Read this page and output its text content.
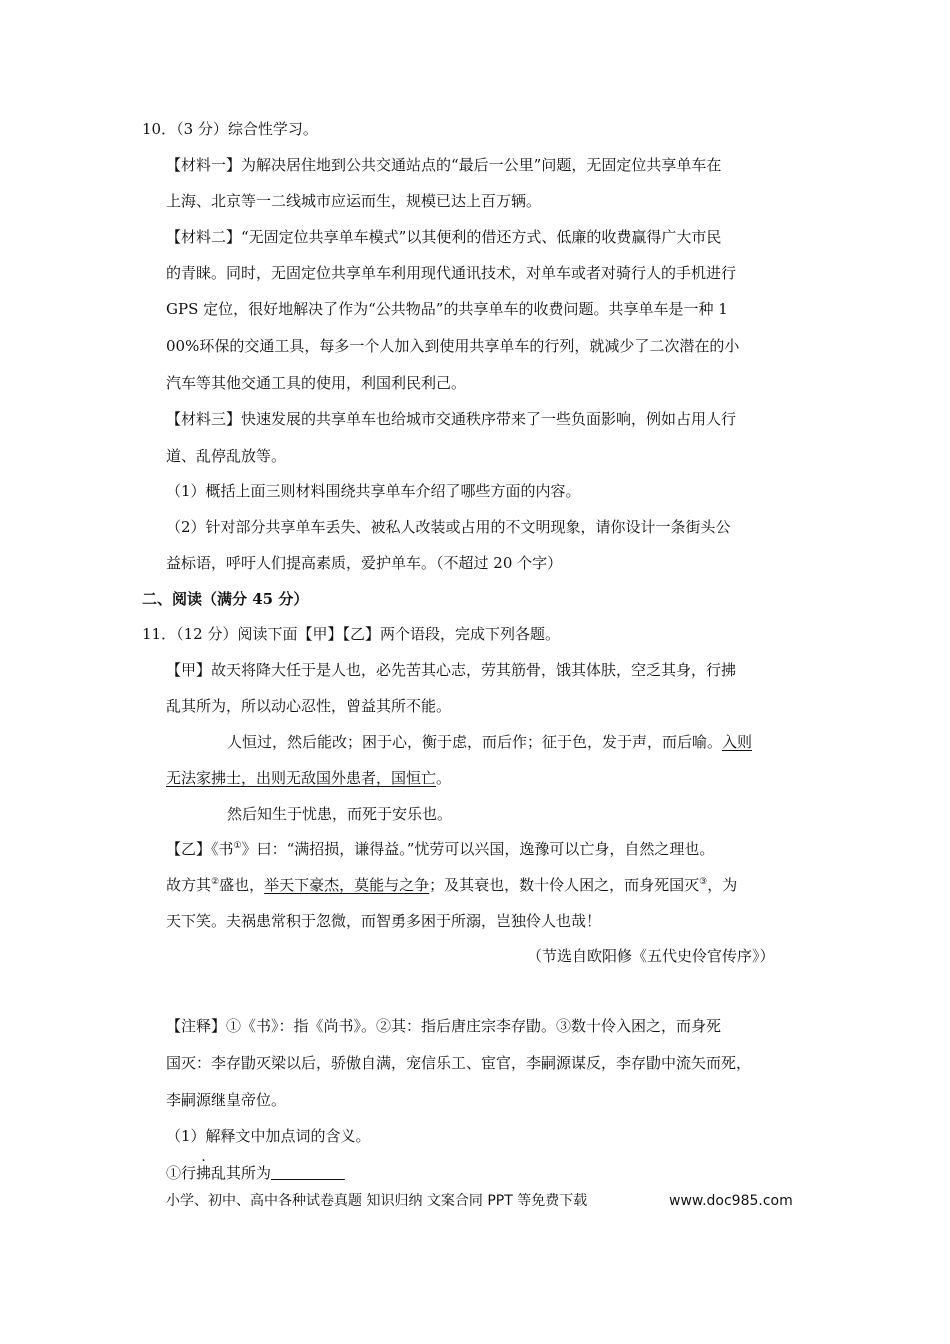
10．（3 分）综合性学习。
【材料一】为解决居住地到公共交通站点的“最后一公里”问题，无固定位共享单车在
上海、北京等一二线城市应运而生，规模已达上百万辆。
【材料二】“无固定位共享单车模式”以其便利的借还方式、低廉的收费赢得广大市民
的青睐。同时，无固定位共享单车利用现代通讯技术，对单车或者对骑行人的手机进行
GPS 定位，很好地解决了作为“公共物品”的共享单车的收费问题。共享单车是一种 1
00%环保的交通工具，每多一个人加入到使用共享单车的行列，就减少了二次潜在的小
汽车等其他交通工具的使用，利国利民利己。
【材料三】快速发展的共享单车也给城市交通秩序带来了一些负面影响，例如占用人行
道、乱停乱放等。
（1）概括上面三则材料围绕共享单车介绍了哪些方面的内容。
（2）针对部分共享单车丢失、被私人改装或占用的不文明现象，请你设计一条街头公
益标语，呼吁人们提高素质，爱护单车。（不超过 20 个字）
二、阅读（满分 45 分）
11．（12 分）阅读下面【甲】【乙】两个语段，完成下列各题。
【甲】故天将降大任于是人也，必先苦其心志，劳其筋骨，饿其体肤，空乏其身，行拂
乱其所为，所以动心忍性，曾益其所不能。
人恒过，然后能改；困于心，衡于虑，而后作；征于色，发于声，而后喻。入则
无法家拂士，出则无敌国外患者，国恒亡。
然后知生于忧患，而死于安乐也。
【乙】《书①》曰：“满招损，谦得益。”忧劳可以兴国，逸豫可以亡身，自然之理也。
故方其②盛也，举天下豪杰，莫能与之争；及其衰也，数十伶人困之，而身死国灭③，为
天下笑。夫祸患常积于忽微，而智勇多困于所溺，岂独伶人也哉！
（节选自欧阳修《五代史伶官传序》）
【注释】①《书》：指《尚书》。②其：指后唐庄宗李存勖。③数十伶入困之，而身死
国灭：李存勖灭梁以后，骄傲自满，宠信乐工、宦官，李嗣源谋反，李存勖中流矢而死，
李嗣源继皇帝位。
（1）解释文中加点词的含义。
①行拂乱其所为
小学、初中、高中各种试卷真题 知识归纳 文案合同 PPT 等免费下载	www.doc985.com
